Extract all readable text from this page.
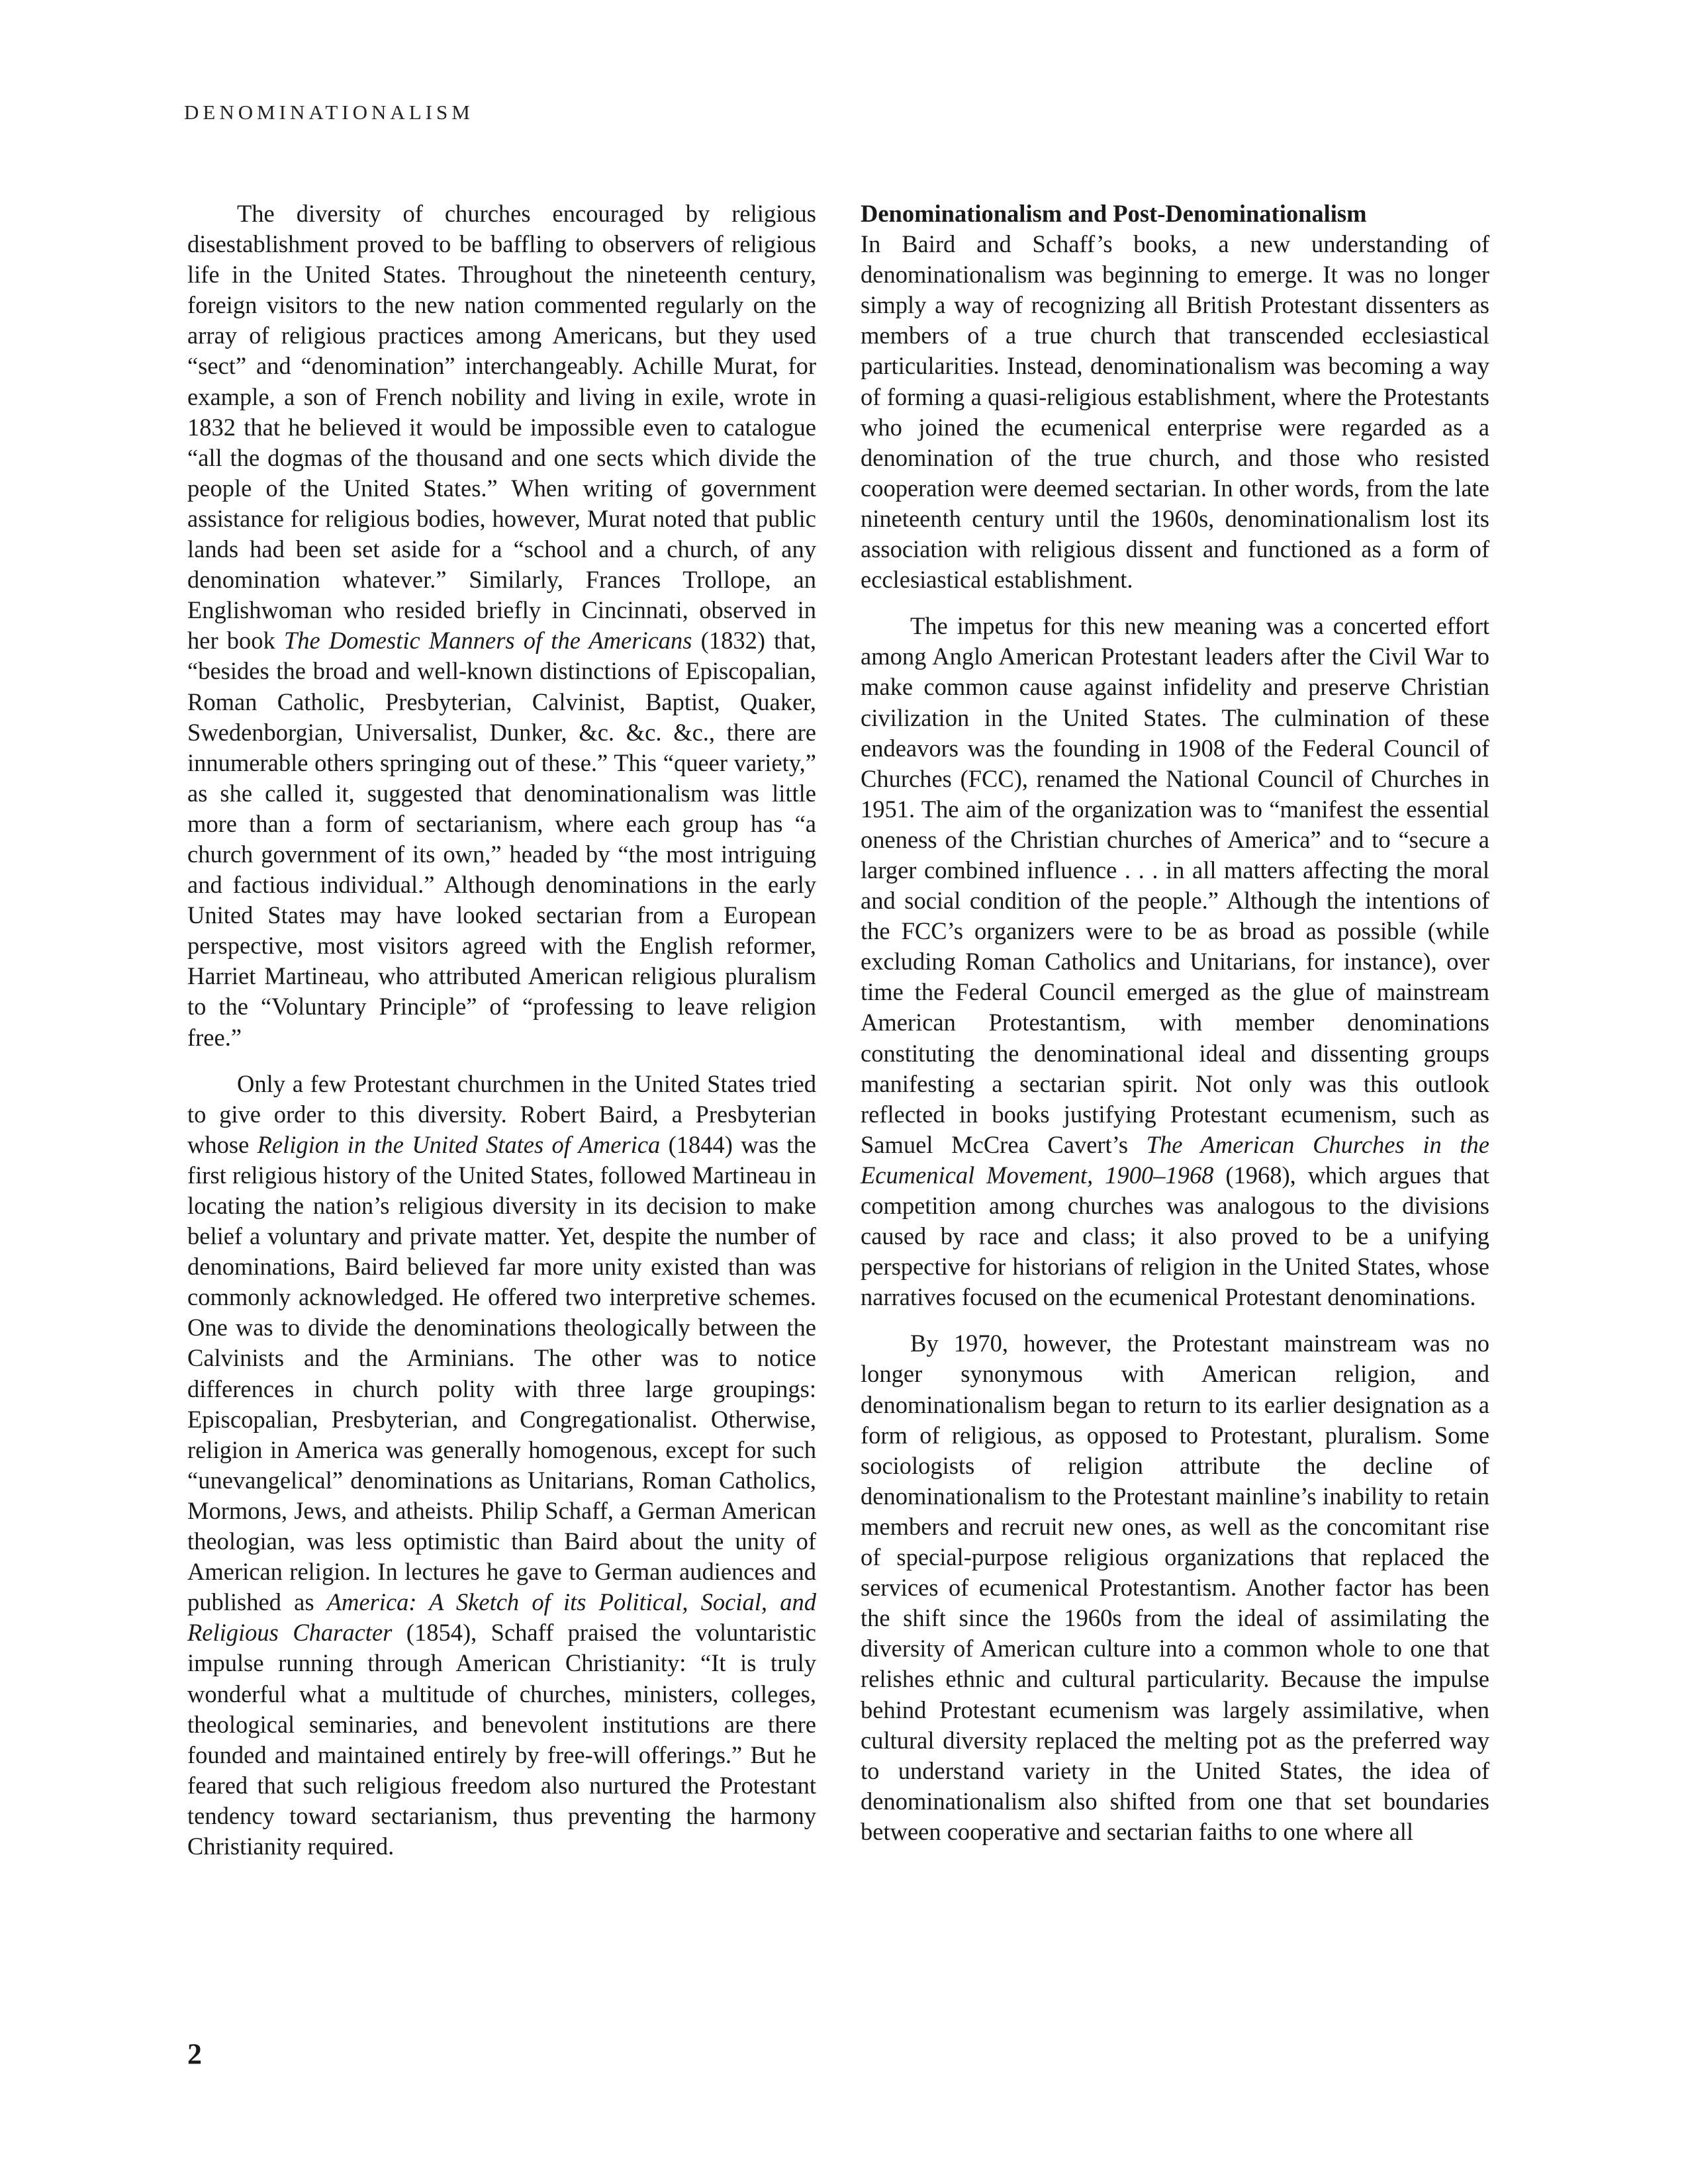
DENOMINATIONALISM

The diversity of churches encouraged by religious disestablishment proved to be baffling to observers of religious life in the United States. Throughout the nineteenth century, foreign visitors to the new nation commented regularly on the array of religious practices among Americans, but they used “sect” and “denomination” interchangeably. Achille Murat, for example, a son of French nobility and living in exile, wrote in 1832 that he believed it would be impossible even to catalogue “all the dogmas of the thousand and one sects which divide the people of the United States.” When writing of government assistance for religious bodies, however, Murat noted that public lands had been set aside for a “school and a church, of any denomination whatever.” Similarly, Frances Trollope, an Englishwoman who resided briefly in Cincinnati, observed in her book The Domestic Manners of the Americans (1832) that, “besides the broad and well-known distinctions of Episcopalian, Roman Catholic, Presbyterian, Calvinist, Baptist, Quaker, Swedenborgian, Universalist, Dunker, &c. &c. &c., there are innumerable others springing out of these.” This “queer variety,” as she called it, suggested that denominationalism was little more than a form of sectarianism, where each group has “a church government of its own,” headed by “the most intriguing and factious individual.” Although denominations in the early United States may have looked sectarian from a European perspective, most visitors agreed with the English reformer, Harriet Martineau, who attributed American religious pluralism to the “Voluntary Principle” of “professing to leave religion free.”

Only a few Protestant churchmen in the United States tried to give order to this diversity. Robert Baird, a Presbyterian whose Religion in the United States of America (1844) was the first religious history of the United States, followed Martineau in locating the nation’s religious diversity in its decision to make belief a voluntary and private matter. Yet, despite the number of denominations, Baird believed far more unity existed than was commonly acknowledged. He offered two interpretive schemes. One was to divide the denominations theologically between the Calvinists and the Arminians. The other was to notice differences in church polity with three large groupings: Episcopalian, Presbyterian, and Congregationalist. Otherwise, religion in America was generally homogenous, except for such “unevangelical” denominations as Unitarians, Roman Catholics, Mormons, Jews, and atheists. Philip Schaff, a German American theologian, was less optimistic than Baird about the unity of American religion. In lectures he gave to German audiences and published as America: A Sketch of its Political, Social, and Religious Character (1854), Schaff praised the voluntaristic impulse running through American Christianity: “It is truly wonderful what a multitude of churches, ministers, colleges, theological seminaries, and benevolent institutions are there founded and maintained entirely by free-will offerings.” But he feared that such religious freedom also nurtured the Protestant tendency toward sectarianism, thus preventing the harmony Christianity required.

Denominationalism and Post-Denominationalism

In Baird and Schaff’s books, a new understanding of denominationalism was beginning to emerge. It was no longer simply a way of recognizing all British Protestant dissenters as members of a true church that transcended ecclesiastical particularities. Instead, denominationalism was becoming a way of forming a quasi-religious establishment, where the Protestants who joined the ecumenical enterprise were regarded as a denomination of the true church, and those who resisted cooperation were deemed sectarian. In other words, from the late nineteenth century until the 1960s, denominationalism lost its association with religious dissent and functioned as a form of ecclesiastical establishment.

The impetus for this new meaning was a concerted effort among Anglo American Protestant leaders after the Civil War to make common cause against infidelity and preserve Christian civilization in the United States. The culmination of these endeavors was the founding in 1908 of the Federal Council of Churches (FCC), renamed the National Council of Churches in 1951. The aim of the organization was to “manifest the essential oneness of the Christian churches of America” and to “secure a larger combined influence . . . in all matters affecting the moral and social condition of the people.” Although the intentions of the FCC’s organizers were to be as broad as possible (while excluding Roman Catholics and Unitarians, for instance), over time the Federal Council emerged as the glue of mainstream American Protestantism, with member denominations constituting the denominational ideal and dissenting groups manifesting a sectarian spirit. Not only was this outlook reflected in books justifying Protestant ecumenism, such as Samuel McCrea Cavert’s The American Churches in the Ecumenical Movement, 1900–1968 (1968), which argues that competition among churches was analogous to the divisions caused by race and class; it also proved to be a unifying perspective for historians of religion in the United States, whose narratives focused on the ecumenical Protestant denominations.

By 1970, however, the Protestant mainstream was no longer synonymous with American religion, and denominationalism began to return to its earlier designation as a form of religious, as opposed to Protestant, pluralism. Some sociologists of religion attribute the decline of denominationalism to the Protestant mainline’s inability to retain members and recruit new ones, as well as the concomitant rise of special-purpose religious organizations that replaced the services of ecumenical Protestantism. Another factor has been the shift since the 1960s from the ideal of assimilating the diversity of American culture into a common whole to one that relishes ethnic and cultural particularity. Because the impulse behind Protestant ecumenism was largely assimilative, when cultural diversity replaced the melting pot as the preferred way to understand variety in the United States, the idea of denominationalism also shifted from one that set boundaries between cooperative and sectarian faiths to one where all

2
